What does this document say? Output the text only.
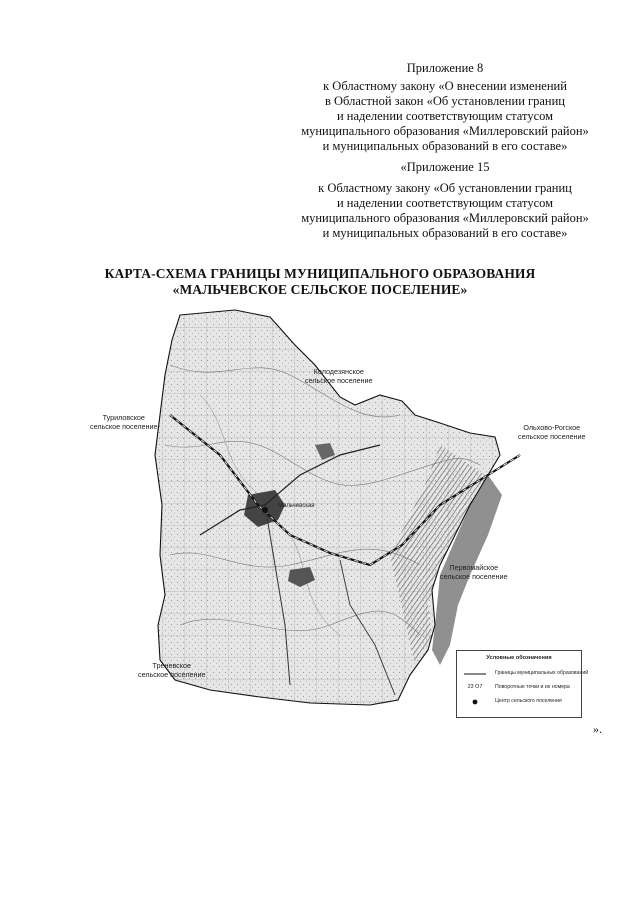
Приложение 8
к Областному закону «О внесении изменений
в Областной закон «Об установлении границ
и наделении соответствующим статусом
муниципального образования «Миллеровский район»
и муниципальных образований в его составе»
«Приложение 15
к Областному закону «Об установлении границ
и наделении соответствующим статусом
муниципального образования «Миллеровский район»
и муниципальных образований в его составе»
КАРТА-СХЕМА ГРАНИЦЫ МУНИЦИПАЛЬНОГО ОБРАЗОВАНИЯ
«МАЛЬЧЕВСКОЕ СЕЛЬСКОЕ ПОСЕЛЕНИЕ»
Колодезянское
сельское поселение
Туриловское
сельское поселение	Ольхово-Рогское
сельское поселение
Первомайское
сельское поселение
Треневское
сельское поселение
Мальчевская
Условные обозначения
Границы муниципальных образований
23 О7	Поворотные точки и их номера
Центр сельского поселения
».
